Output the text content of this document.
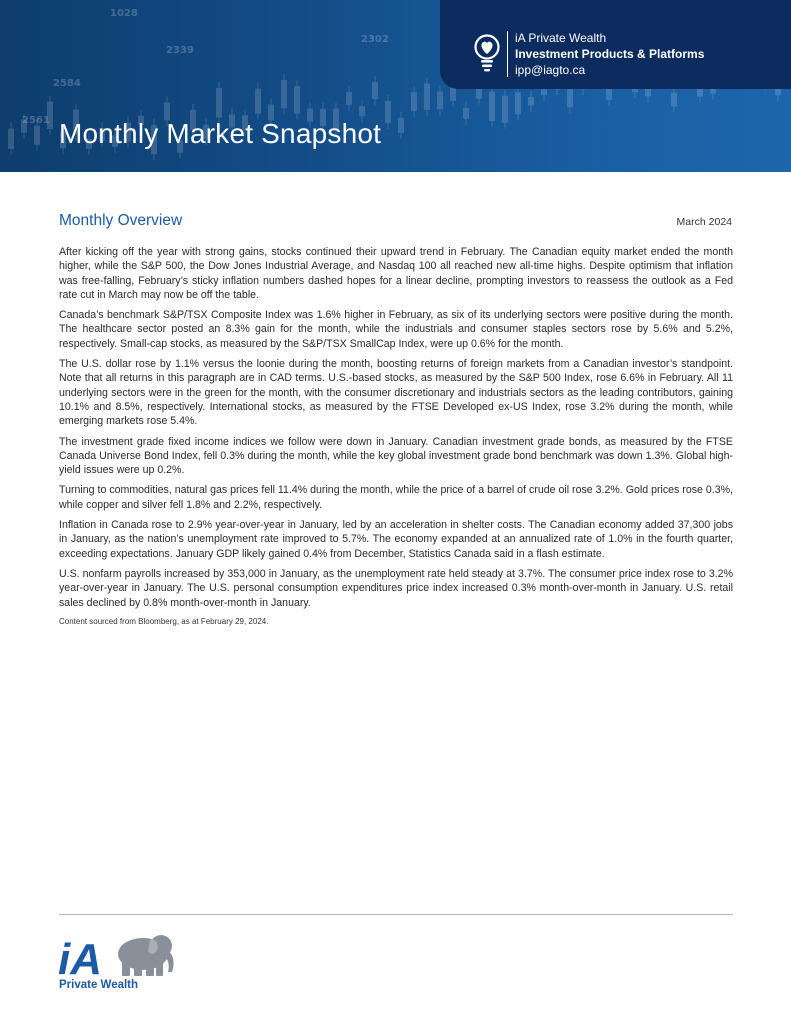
1028
2339
2302
2584
2561
iA Private Wealth
Investment Products & Platforms
ipp@iagto.ca
Monthly Market Snapshot
Monthly Overview	March 2024

After kicking off the year with strong gains, stocks continued their upward trend in February. The Canadian equity market ended the month higher, while the S&P 500, the Dow Jones Industrial Average, and Nasdaq 100 all reached new all-time highs. Despite optimism that inflation was free-falling, February’s sticky inflation numbers dashed hopes for a linear decline, prompting investors to reassess the outlook as a Fed rate cut in March may now be off the table.

Canada’s benchmark S&P/TSX Composite Index was 1.6% higher in February, as six of its underlying sectors were positive during the month. The healthcare sector posted an 8.3% gain for the month, while the industrials and consumer staples sectors rose by 5.6% and 5.2%, respectively. Small-cap stocks, as measured by the S&P/TSX SmallCap Index, were up 0.6% for the month.

The U.S. dollar rose by 1.1% versus the loonie during the month, boosting returns of foreign markets from a Canadian investor’s standpoint. Note that all returns in this paragraph are in CAD terms. U.S.-based stocks, as measured by the S&P 500 Index, rose 6.6% in February. All 11 underlying sectors were in the green for the month, with the consumer discretionary and industrials sectors as the leading contributors, gaining 10.1% and 8.5%, respectively. International stocks, as measured by the FTSE Developed ex-US Index, rose 3.2% during the month, while emerging markets rose 5.4%.

The investment grade fixed income indices we follow were down in January. Canadian investment grade bonds, as measured by the FTSE Canada Universe Bond Index, fell 0.3% during the month, while the key global investment grade bond benchmark was down 1.3%. Global high-yield issues were up 0.2%.

Turning to commodities, natural gas prices fell 11.4% during the month, while the price of a barrel of crude oil rose 3.2%. Gold prices rose 0.3%, while copper and silver fell 1.8% and 2.2%, respectively.

Inflation in Canada rose to 2.9% year-over-year in January, led by an acceleration in shelter costs. The Canadian economy added 37,300 jobs in January, as the nation’s unemployment rate improved to 5.7%. The economy expanded at an annualized rate of 1.0% in the fourth quarter, exceeding expectations. January GDP likely gained 0.4% from December, Statistics Canada said in a flash estimate.

U.S. nonfarm payrolls increased by 353,000 in January, as the unemployment rate held steady at 3.7%. The consumer price index rose to 3.2% year-over-year in January. The U.S. personal consumption expenditures price index increased 0.3% month-over-month in January. U.S. retail sales declined by 0.8% month-over-month in January.

Content sourced from Bloomberg, as at February 29, 2024.

iA
Private Wealth
